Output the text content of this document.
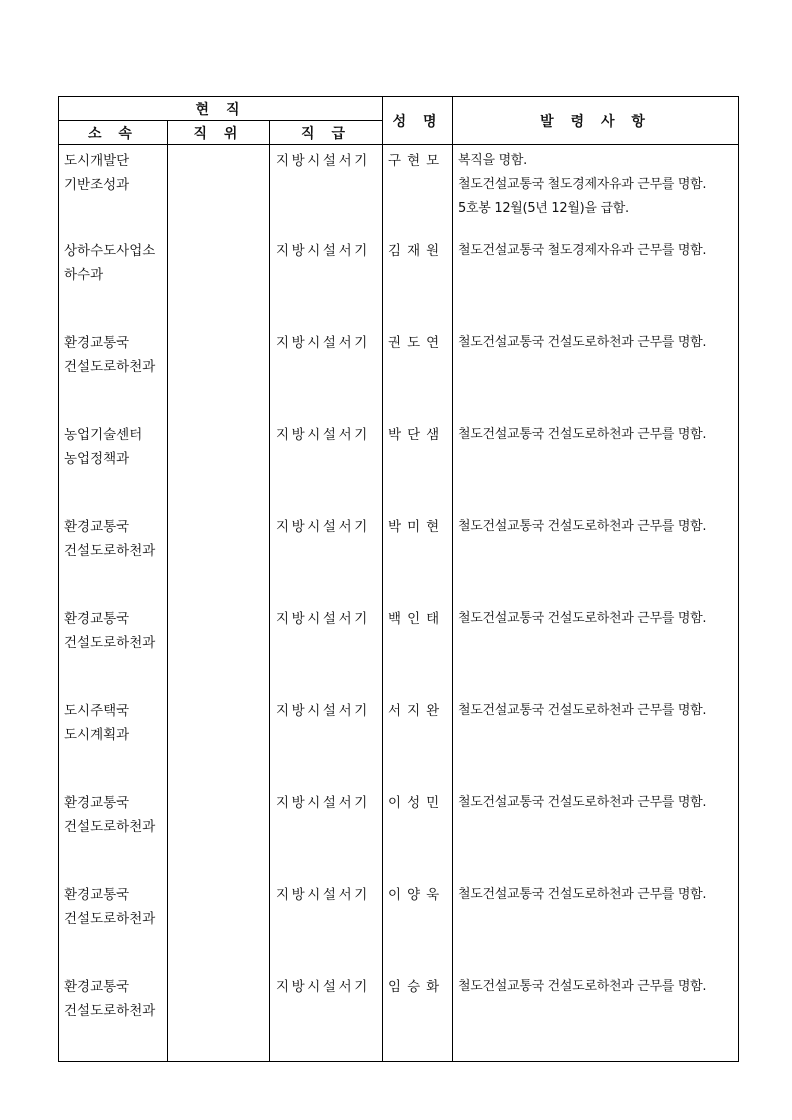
현 직			성 명	발 령 사 항
소 속	직 위	직 급		

도시개발단
기반조성과		지방시설서기	구현모	복직을 명함.
철도건설교통국 철도경제자유과 근무를 명함.
5호봉 12월(5년 12월)을 급함.

상하수도사업소
하수과		지방시설서기	김재원	철도건설교통국 철도경제자유과 근무를 명함.

환경교통국
건설도로하천과		지방시설서기	권도연	철도건설교통국 건설도로하천과 근무를 명함.

농업기술센터
농업정책과		지방시설서기	박단샘	철도건설교통국 건설도로하천과 근무를 명함.

환경교통국
건설도로하천과		지방시설서기	박미현	철도건설교통국 건설도로하천과 근무를 명함.

환경교통국
건설도로하천과		지방시설서기	백인태	철도건설교통국 건설도로하천과 근무를 명함.

도시주택국
도시계획과		지방시설서기	서지완	철도건설교통국 건설도로하천과 근무를 명함.

환경교통국
건설도로하천과		지방시설서기	이성민	철도건설교통국 건설도로하천과 근무를 명함.

환경교통국
건설도로하천과		지방시설서기	이양욱	철도건설교통국 건설도로하천과 근무를 명함.

환경교통국
건설도로하천과		지방시설서기	임승화	철도건설교통국 건설도로하천과 근무를 명함.
